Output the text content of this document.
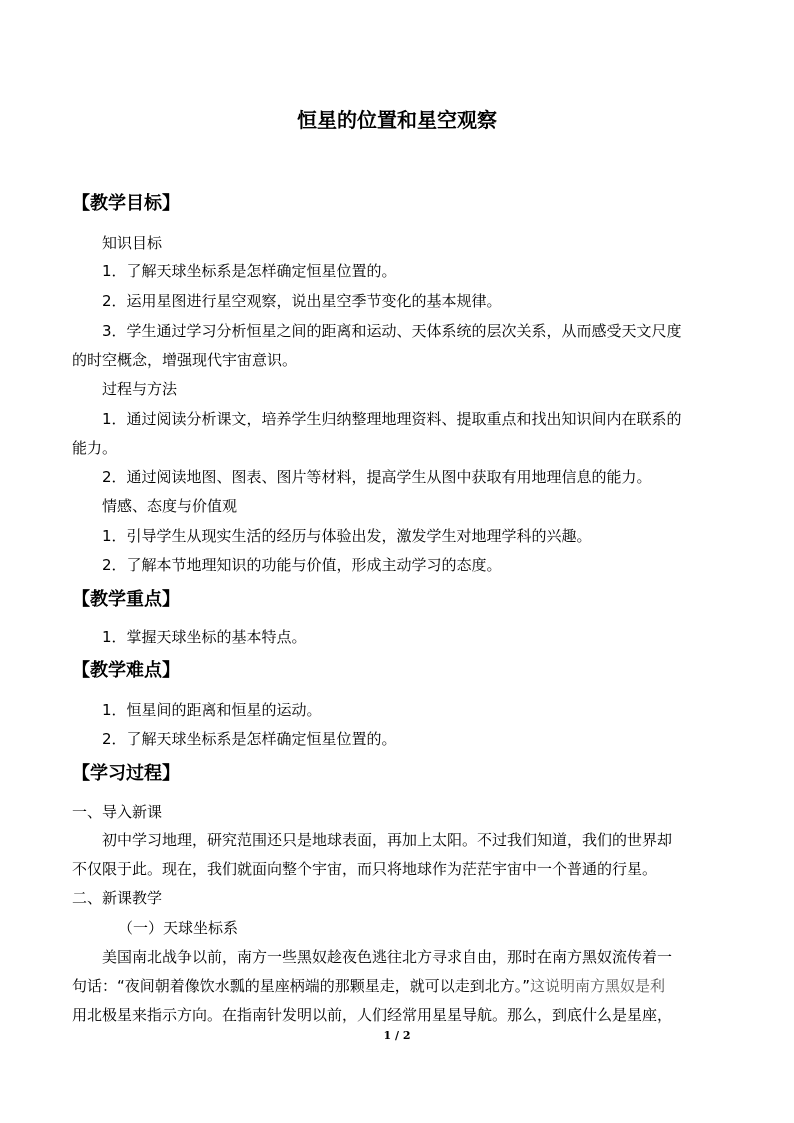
恒星的位置和星空观察
【教学目标】
知识目标
1．了解天球坐标系是怎样确定恒星位置的。
2．运用星图进行星空观察，说出星空季节变化的基本规律。
3．学生通过学习分析恒星之间的距离和运动、天体系统的层次关系，从而感受天文尺度
的时空概念，增强现代宇宙意识。
过程与方法
1．通过阅读分析课文，培养学生归纳整理地理资料、提取重点和找出知识间内在联系的
能力。
2．通过阅读地图、图表、图片等材料，提高学生从图中获取有用地理信息的能力。
情感、态度与价值观
1．引导学生从现实生活的经历与体验出发，激发学生对地理学科的兴趣。
2．了解本节地理知识的功能与价值，形成主动学习的态度。
【教学重点】
1．掌握天球坐标的基本特点。
【教学难点】
1．恒星间的距离和恒星的运动。
2．了解天球坐标系是怎样确定恒星位置的。
【学习过程】
一、导入新课
初中学习地理，研究范围还只是地球表面，再加上太阳。不过我们知道，我们的世界却
不仅限于此。现在，我们就面向整个宇宙，而只将地球作为茫茫宇宙中一个普通的行星。
二、新课教学
（一）天球坐标系
美国南北战争以前，南方一些黑奴趁夜色逃往北方寻求自由，那时在南方黑奴流传着一
句话：“夜间朝着像饮水瓢的星座柄端的那颗星走，就可以走到北方。”这说明南方黑奴是利
用北极星来指示方向。在指南针发明以前，人们经常用星星导航。那么，到底什么是星座，
1 / 2
